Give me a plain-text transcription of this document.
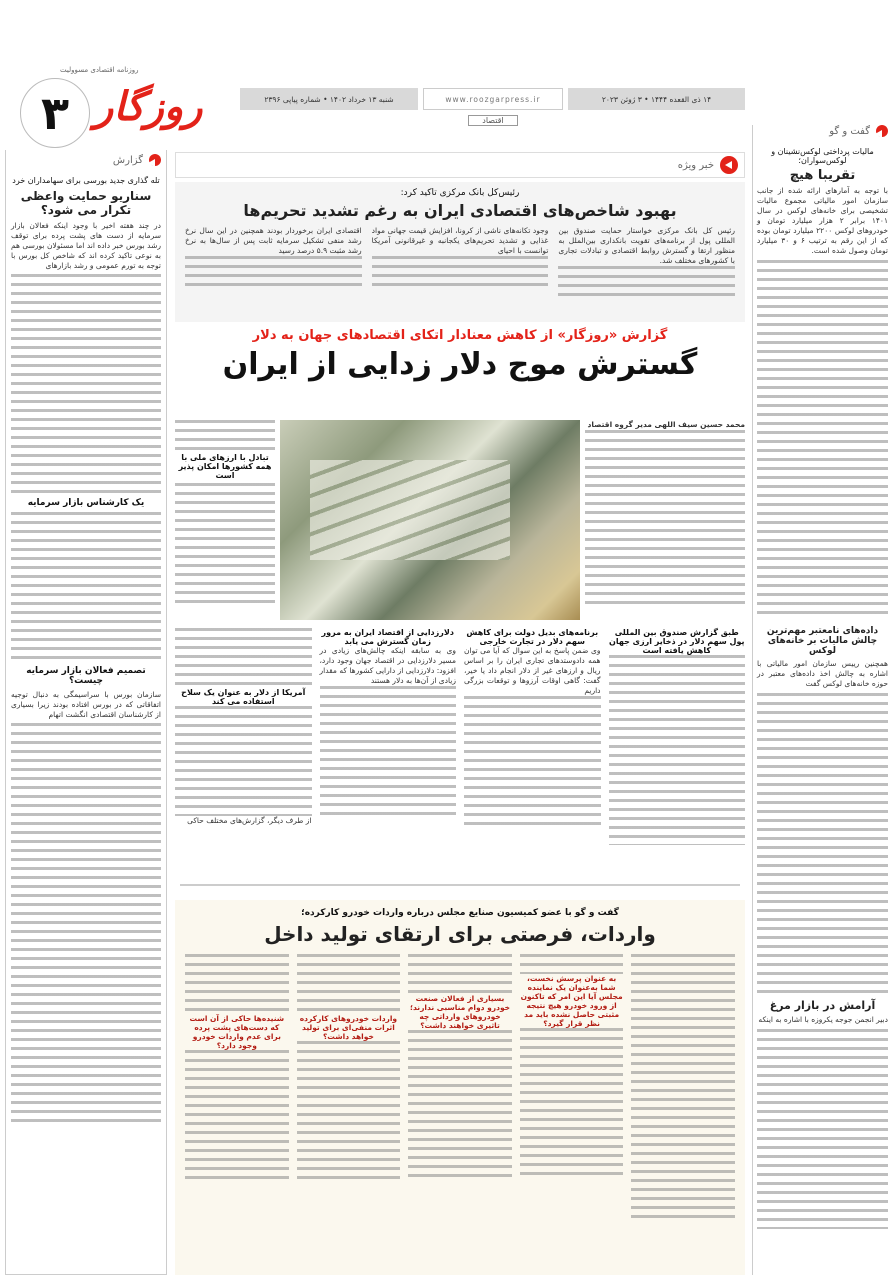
روزنامه اقتصادی مسوولیت
۳ روزگار	شنبه ۱۳ خرداد ۱۴۰۲ • شماره پیاپی ۲۳۹۶	www.roozgarpress.ir	۱۴ ذی القعده ۱۴۴۴ • ۳ ژوئن ۲۰۲۳
اقتصاد
گفت و گو
مالیات پرداختی لوکس‌نشینان و لوکس‌سواران؛
تقریبا هیچ

با توجه به آمارهای ارائه شده از جانب سازمان امور مالیاتی مجموع مالیات تشخیصی برای خانه‌های لوکس در سال ۱۴۰۱ برابر ۲ هزار میلیارد تومان و خودروهای لوکس ۲۲۰۰ میلیارد تومان بوده که از این رقم به ترتیب ۶ و ۳۰ میلیارد تومان وصول شده است.

داده‌های نامعتبر مهم‌ترین چالش مالیات بر خانه‌های لوکس

همچنین رییس سازمان امور مالیاتی با اشاره به چالش اخذ داده‌های معتبر در حوزه خانه‌های لوکس گفت

آرامش در بازار مرغ

دبیر انجمن جوجه یکروزه با اشاره به اینکه

گزارش
تله گذاری جدید بورسی برای سهامداران خرد
سناریو حمایت واعظی تکرار می شود؟

در چند هفته اخیر با وجود اینکه فعالان بازار سرمایه از دست های پشت پرده برای توقف رشد بورس خبر داده اند اما مسئولان بورسی هم به نوعی تاکید کرده اند که شاخص کل بورس با توجه به تورم عمومی و رشد بازارهای

یک کارشناس بازار سرمایه
تصمیم فعالان بازار سرمایه چیست؟

سازمان بورس با سراسیمگی به دنبال توجیه اتفاقاتی که در بورس افتاده بودند زیرا بسیاری از کارشناسان اقتصادی انگشت اتهام

خبر ویژه
رئیس‌کل بانک مرکزی تاکید کرد:
بهبود شاخص‌های اقتصادی ایران به رغم تشدید تحریم‌ها

رئیس کل بانک مرکزی خواستار حمایت صندوق بین المللی پول از برنامه‌های تقویت بانکداری بین‌الملل به منظور ارتقا و گسترش روابط اقتصادی و تبادلات تجاری با کشورهای مختلف شد.

وجود تکانه‌های ناشی از کرونا، افزایش قیمت جهانی مواد غذایی و تشدید تحریم‌های یکجانبه و غیرقانونی آمریکا توانست با احیای

اقتصادی ایران برخوردار بودند همچنین در این سال نرخ رشد منفی تشکیل سرمایه ثابت پس از سال‌ها به نرخ رشد مثبت ۵.۹ درصد رسید

گزارش «روزگار» از کاهش معنادار اتکای اقتصادهای جهان به دلار
گسترش موج دلار زدایی از ایران
محمد حسین سیف اللهی مدیر گروه اقتصاد
تبادل با ارزهای ملی با همه کشورها امکان پذیر است
طبق گزارش صندوق بین المللی پول سهم دلار در ذخایر ارزی جهان کاهش یافته است
برنامه‌های بدیل دولت برای کاهش سهم دلار در تجارت خارجی

وی ضمن پاسخ به این سوال که آیا می توان همه دادوستدهای تجاری ایران را بر اساس ریال و ارزهای غیر از دلار انجام داد یا خیر، گفت: گاهی اوقات آرزوها و توقعات بزرگی داریم

دلارزدایی از اقتصاد ایران به مرور زمان گسترش می یابد

وی به سابقه اینکه چالش‌های زیادی در مسیر دلارزدایی در اقتصاد جهان وجود دارد، افزود: دلارزدایی از دارایی کشورها که مقدار زیادی از آن‌ها به دلار هستند

آمریکا از دلار به عنوان یک سلاح استفاده می کند

از طرف دیگر، گزارش‌های مختلف حاکی

گفت و گو با عضو کمیسیون صنایع مجلس درباره واردات خودرو کارکرده؛
واردات، فرصتی برای ارتقای تولید داخل

به عنوان پرسش نخست، شما به‌عنوان یک نماینده مجلس آیا این امر که تاکنون از ورود خودرو هیچ نتیجه مثبتی حاصل نشده باید مد نظر قرار گیرد؟

بسیاری از فعالان صنعت خودرو دوام مناسبی ندارند؛ خودروهای وارداتی چه تاثیری خواهند داشت؟

واردات خودروهای کارکرده اثرات منفی‌ای برای تولید خواهد داشت؟

شنیده‌ها حاکی از آن است که دست‌های پشت پرده برای عدم واردات خودرو وجود دارد؟
